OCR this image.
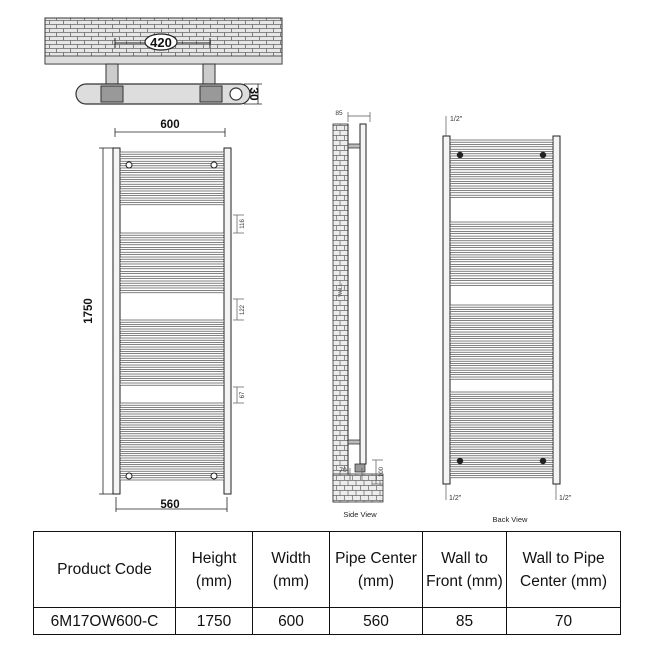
420
30
600
1750
560
116
122
67
85
WALL
70	100
Side View
1/2"
1/2"	1/2"
Back View
Product Code	Height (mm)	Width (mm)	Pipe Center (mm)	Wall to Front (mm)	Wall to Pipe Center (mm)
6M17OW600-C	1750	600	560	85	70
